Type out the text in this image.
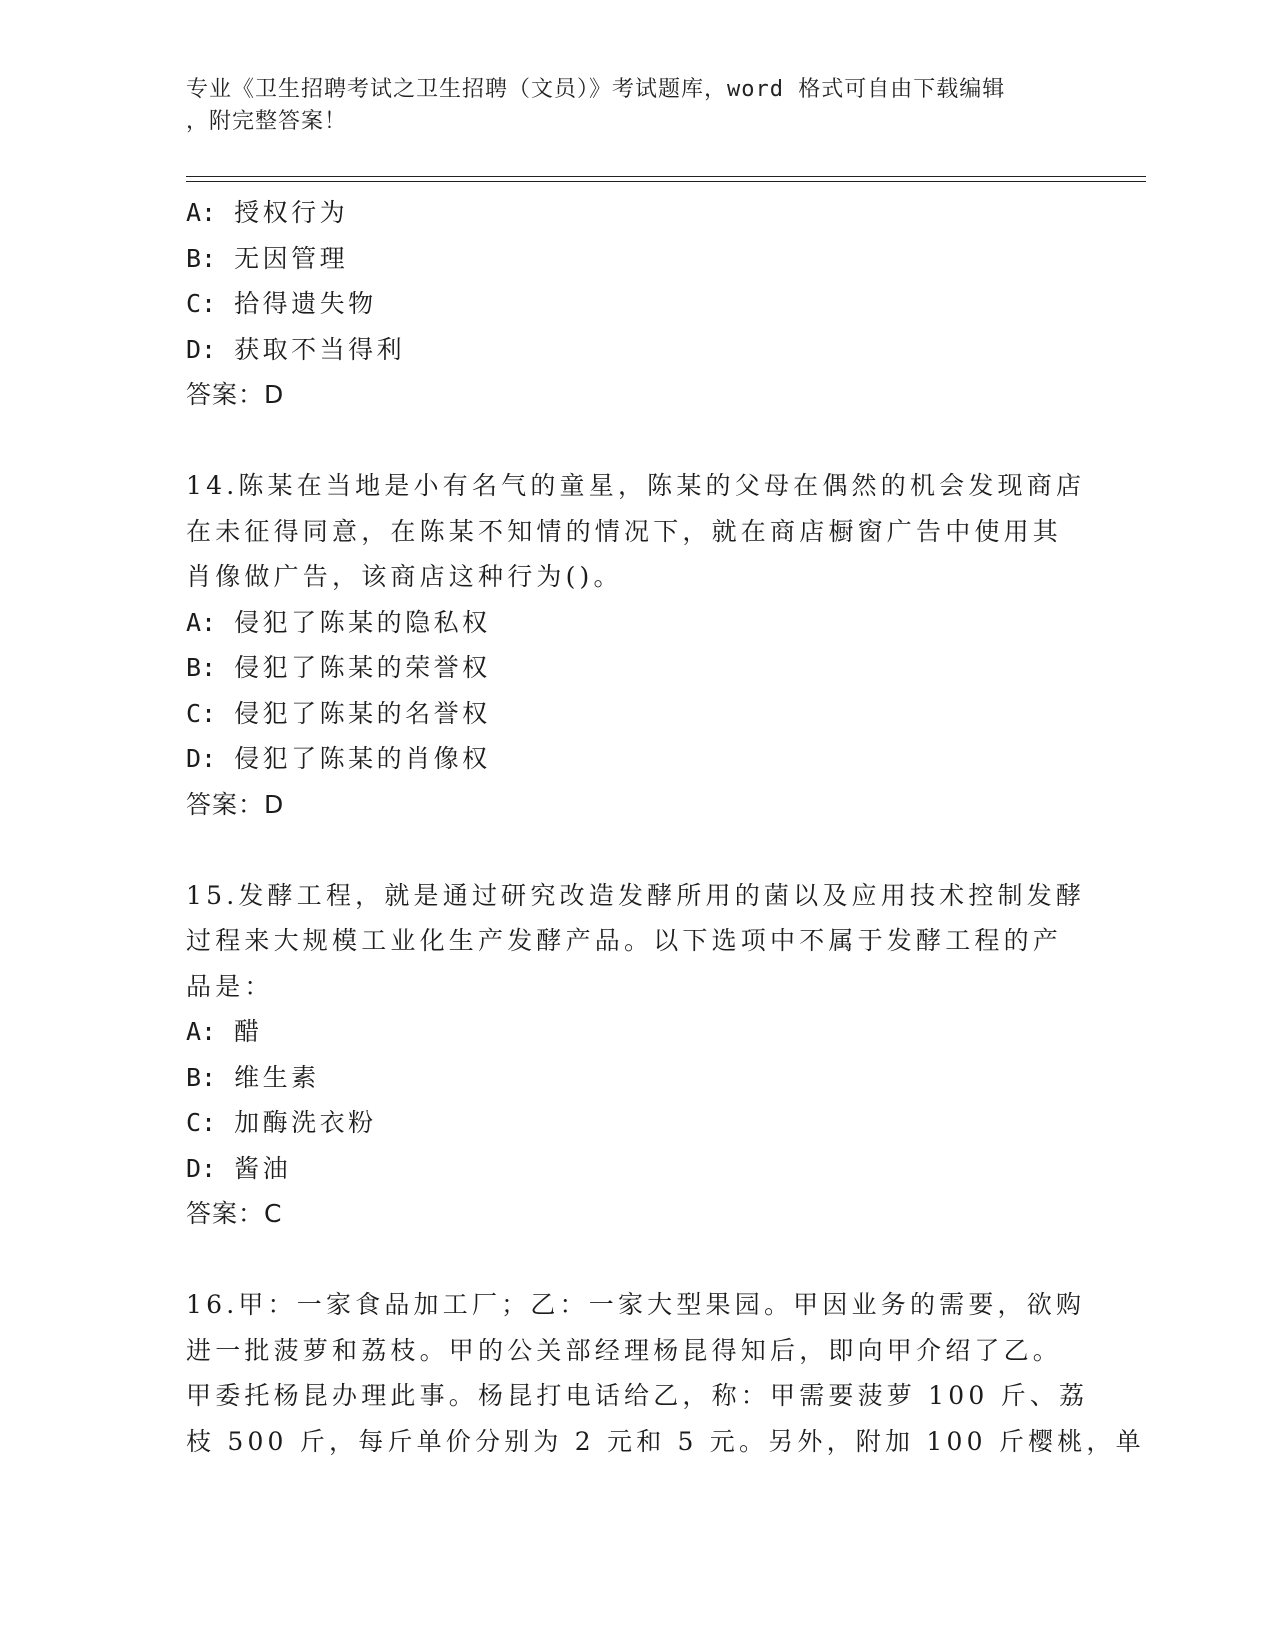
专业《卫生招聘考试之卫生招聘（文员）》考试题库，word 格式可自由下载编辑
，附完整答案！
A: 授权行为
B: 无因管理
C: 拾得遗失物
D: 获取不当得利
答案：D
14.陈某在当地是小有名气的童星，陈某的父母在偶然的机会发现商店
在未征得同意，在陈某不知情的情况下，就在商店橱窗广告中使用其
肖像做广告，该商店这种行为()。
A: 侵犯了陈某的隐私权
B: 侵犯了陈某的荣誉权
C: 侵犯了陈某的名誉权
D: 侵犯了陈某的肖像权
答案：D
15.发酵工程，就是通过研究改造发酵所用的菌以及应用技术控制发酵
过程来大规模工业化生产发酵产品。以下选项中不属于发酵工程的产
品是：
A: 醋
B: 维生素
C: 加酶洗衣粉
D: 酱油
答案：C
16.甲：一家食品加工厂；乙：一家大型果园。甲因业务的需要，欲购
进一批菠萝和荔枝。甲的公关部经理杨昆得知后，即向甲介绍了乙。
甲委托杨昆办理此事。杨昆打电话给乙，称：甲需要菠萝 100 斤、荔
枝 500 斤，每斤单价分别为 2 元和 5 元。另外，附加 100 斤樱桃，单
